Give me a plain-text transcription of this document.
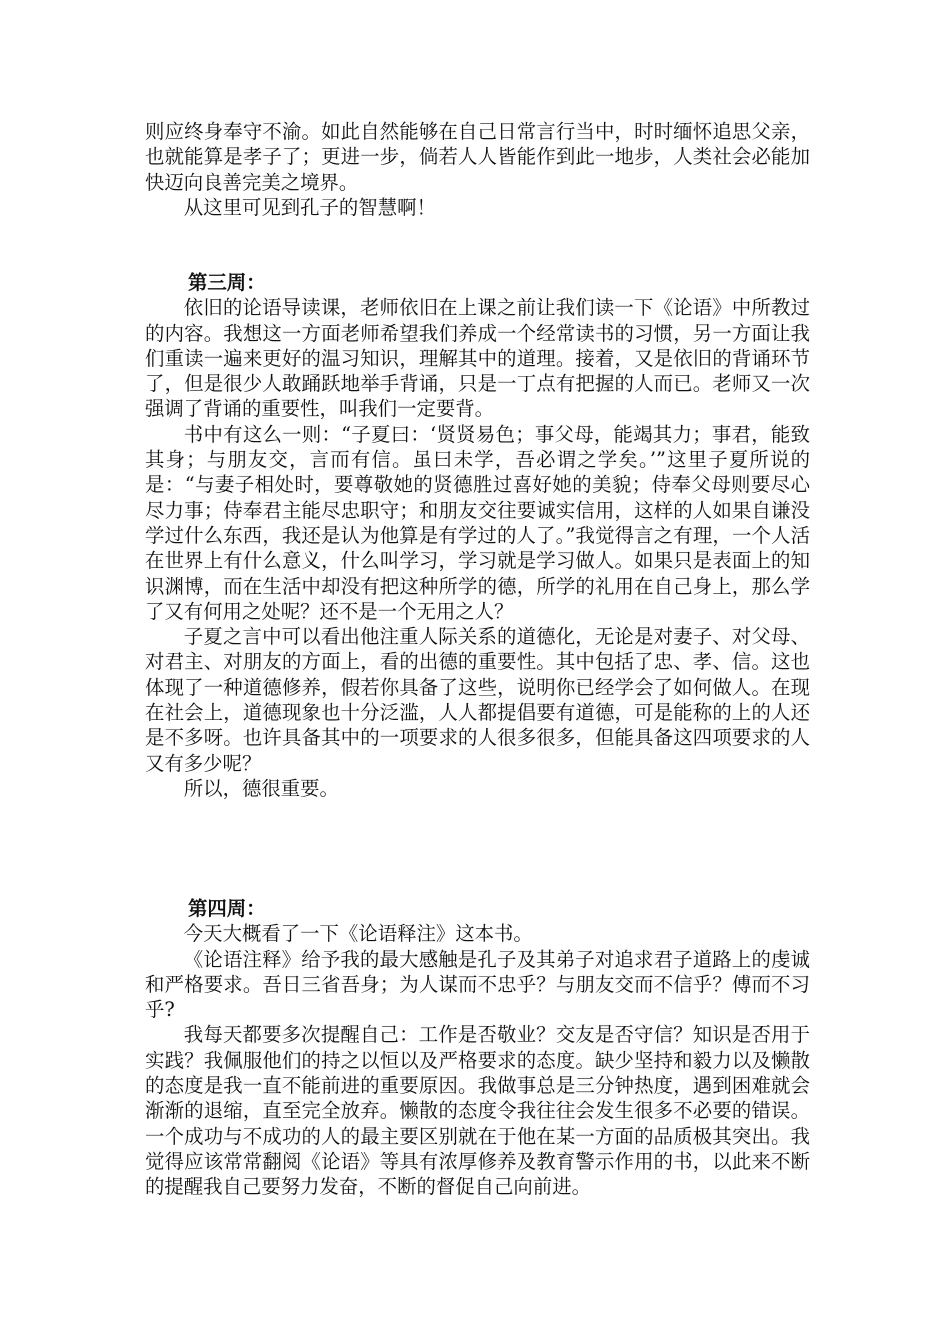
则应终身奉守不渝。如此自然能够在自己日常言行当中，时时缅怀追思父亲，也就能算是孝子了；更进一步，倘若人人皆能作到此一地步，人类社会必能加快迈向良善完美之境界。

从这里可见到孔子的智慧啊！

第三周：

依旧的论语导读课，老师依旧在上课之前让我们读一下《论语》中所教过的内容。我想这一方面老师希望我们养成一个经常读书的习惯，另一方面让我们重读一遍来更好的温习知识，理解其中的道理。接着，又是依旧的背诵环节了，但是很少人敢踊跃地举手背诵，只是一丁点有把握的人而已。老师又一次强调了背诵的重要性，叫我们一定要背。

书中有这么一则：“子夏曰：‘贤贤易色；事父母，能竭其力；事君，能致其身；与朋友交，言而有信。虽曰未学，吾必谓之学矣。’”这里子夏所说的是：“与妻子相处时，要尊敬她的贤德胜过喜好她的美貌；侍奉父母则要尽心尽力事；侍奉君主能尽忠职守；和朋友交往要诚实信用，这样的人如果自谦没学过什么东西，我还是认为他算是有学过的人了。”我觉得言之有理，一个人活在世界上有什么意义，什么叫学习，学习就是学习做人。如果只是表面上的知识渊博，而在生活中却没有把这种所学的德，所学的礼用在自己身上，那么学了又有何用之处呢？还不是一个无用之人？

子夏之言中可以看出他注重人际关系的道德化，无论是对妻子、对父母、对君主、对朋友的方面上，看的出德的重要性。其中包括了忠、孝、信。这也体现了一种道德修养，假若你具备了这些，说明你已经学会了如何做人。在现在社会上，道德现象也十分泛滥，人人都提倡要有道德，可是能称的上的人还是不多呀。也许具备其中的一项要求的人很多很多，但能具备这四项要求的人又有多少呢？

所以，德很重要。

第四周：

今天大概看了一下《论语释注》这本书。

《论语注释》给予我的最大感触是孔子及其弟子对追求君子道路上的虔诚和严格要求。吾日三省吾身；为人谋而不忠乎？与朋友交而不信乎？傅而不习乎?

我每天都要多次提醒自己：工作是否敬业？交友是否守信？知识是否用于实践？我佩服他们的持之以恒以及严格要求的态度。缺少坚持和毅力以及懒散的态度是我一直不能前进的重要原因。我做事总是三分钟热度，遇到困难就会渐渐的退缩，直至完全放弃。懒散的态度令我往往会发生很多不必要的错误。一个成功与不成功的人的最主要区别就在于他在某一方面的品质极其突出。我觉得应该常常翻阅《论语》等具有浓厚修养及教育警示作用的书，以此来不断的提醒我自己要努力发奋，不断的督促自己向前进。
